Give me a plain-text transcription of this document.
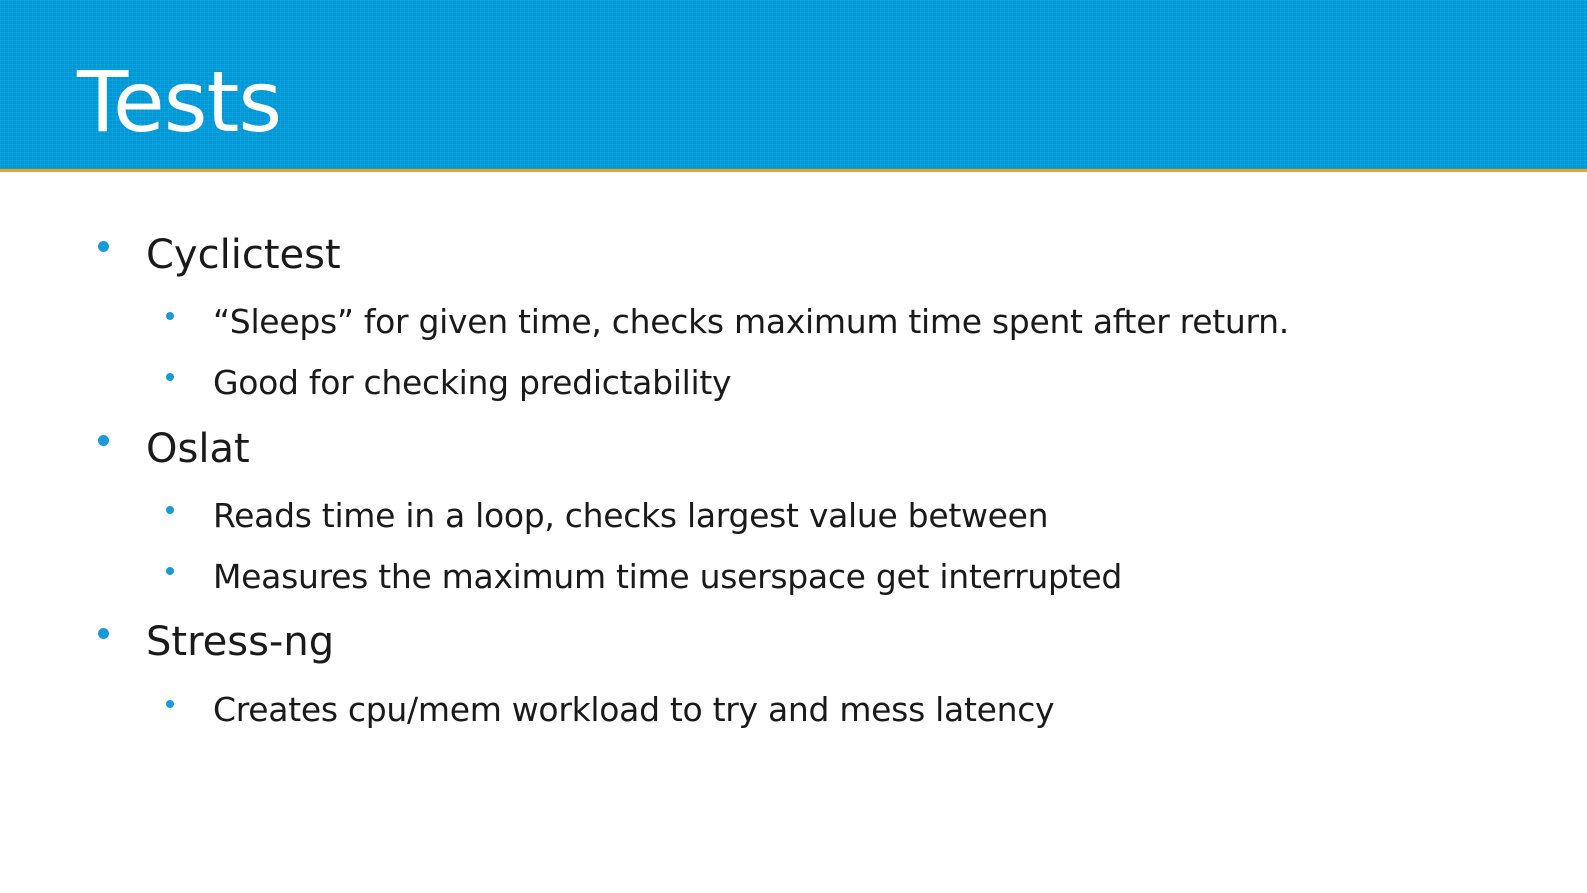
Tests
Cyclictest
“Sleeps” for given time, checks maximum time spent after return.
Good for checking predictability
Oslat
Reads time in a loop, checks largest value between
Measures the maximum time userspace get interrupted
Stress-ng
Creates cpu/mem workload to try and mess latency
